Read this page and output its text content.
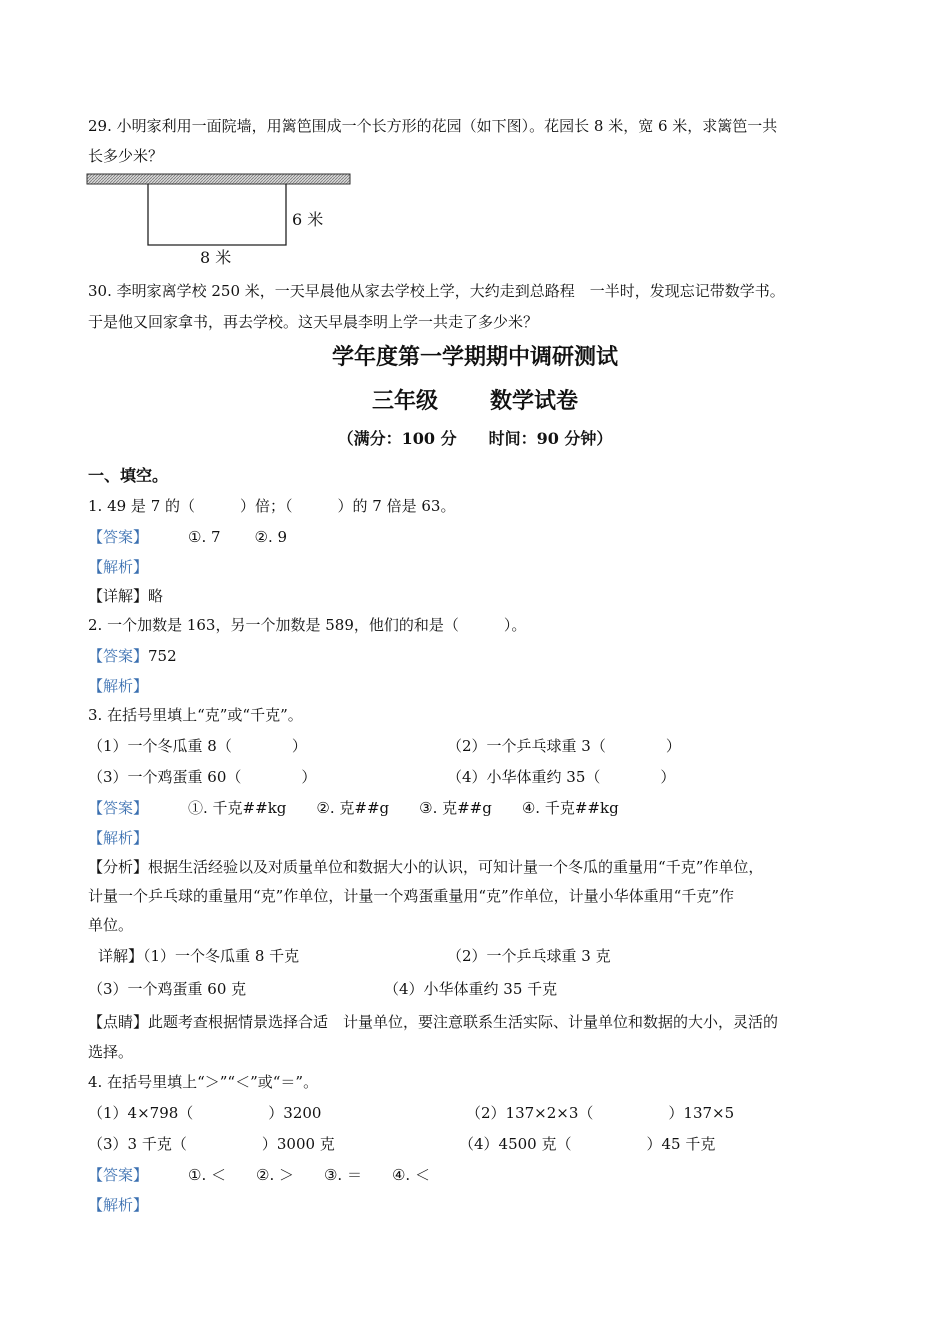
29. 小明家利用一面院墙，用篱笆围成一个长方形的花园（如下图）。花园长 8 米，宽 6 米，求篱笆一共
长多少米？
6 米
8 米
30. 李明家离学校 250 米，一天早晨他从家去学校上学，大约走到总路程　一半时，发现忘记带数学书。
于是他又回家拿书，再去学校。这天早晨李明上学一共走了多少米？
学年度第一学期期中调研测试
三年级 数学试卷
（满分：100 分　　时间：90 分钟）
一、填空。
1. 49 是 7 的（　　　）倍；（　　　）的 7 倍是 63。
【答案】	①. 7 ②. 9
【解析】
【详解】略
2. 一个加数是 163，另一个加数是 589，他们的和是（　　　）。
【答案】752
【解析】
3. 在括号里填上“克”或“千克”。
（1）一个冬瓜重 8（　　　　）	（2）一个乒乓球重 3（　　　　）
（3）一个鸡蛋重 60（　　　　）	（4）小华体重约 35（　　　　）
【答案】	①. 千克##kg ②. 克##g ③. 克##g ④. 千克##kg
【解析】
【分析】根据生活经验以及对质量单位和数据大小的认识，可知计量一个冬瓜的重量用“千克”作单位，
计量一个乒乓球的重量用“克”作单位，计量一个鸡蛋重量用“克”作单位，计量小华体重用“千克”作
单位。
详解】（1）一个冬瓜重 8 千克	（2）一个乒乓球重 3 克
（3）一个鸡蛋重 60 克	（4）小华体重约 35 千克
【点睛】此题考查根据情景选择合适　计量单位，要注意联系生活实际、计量单位和数据的大小，灵活的
选择。
4. 在括号里填上“＞”“＜”或“＝”。
（1）4×798（　　　　　）3200	（2）137×2×3（　　　　　）137×5
（3）3 千克（　　　　　）3000 克	（4）4500 克（　　　　　）45 千克
【答案】	①. ＜ ②. ＞ ③. ＝ ④. ＜
【解析】
